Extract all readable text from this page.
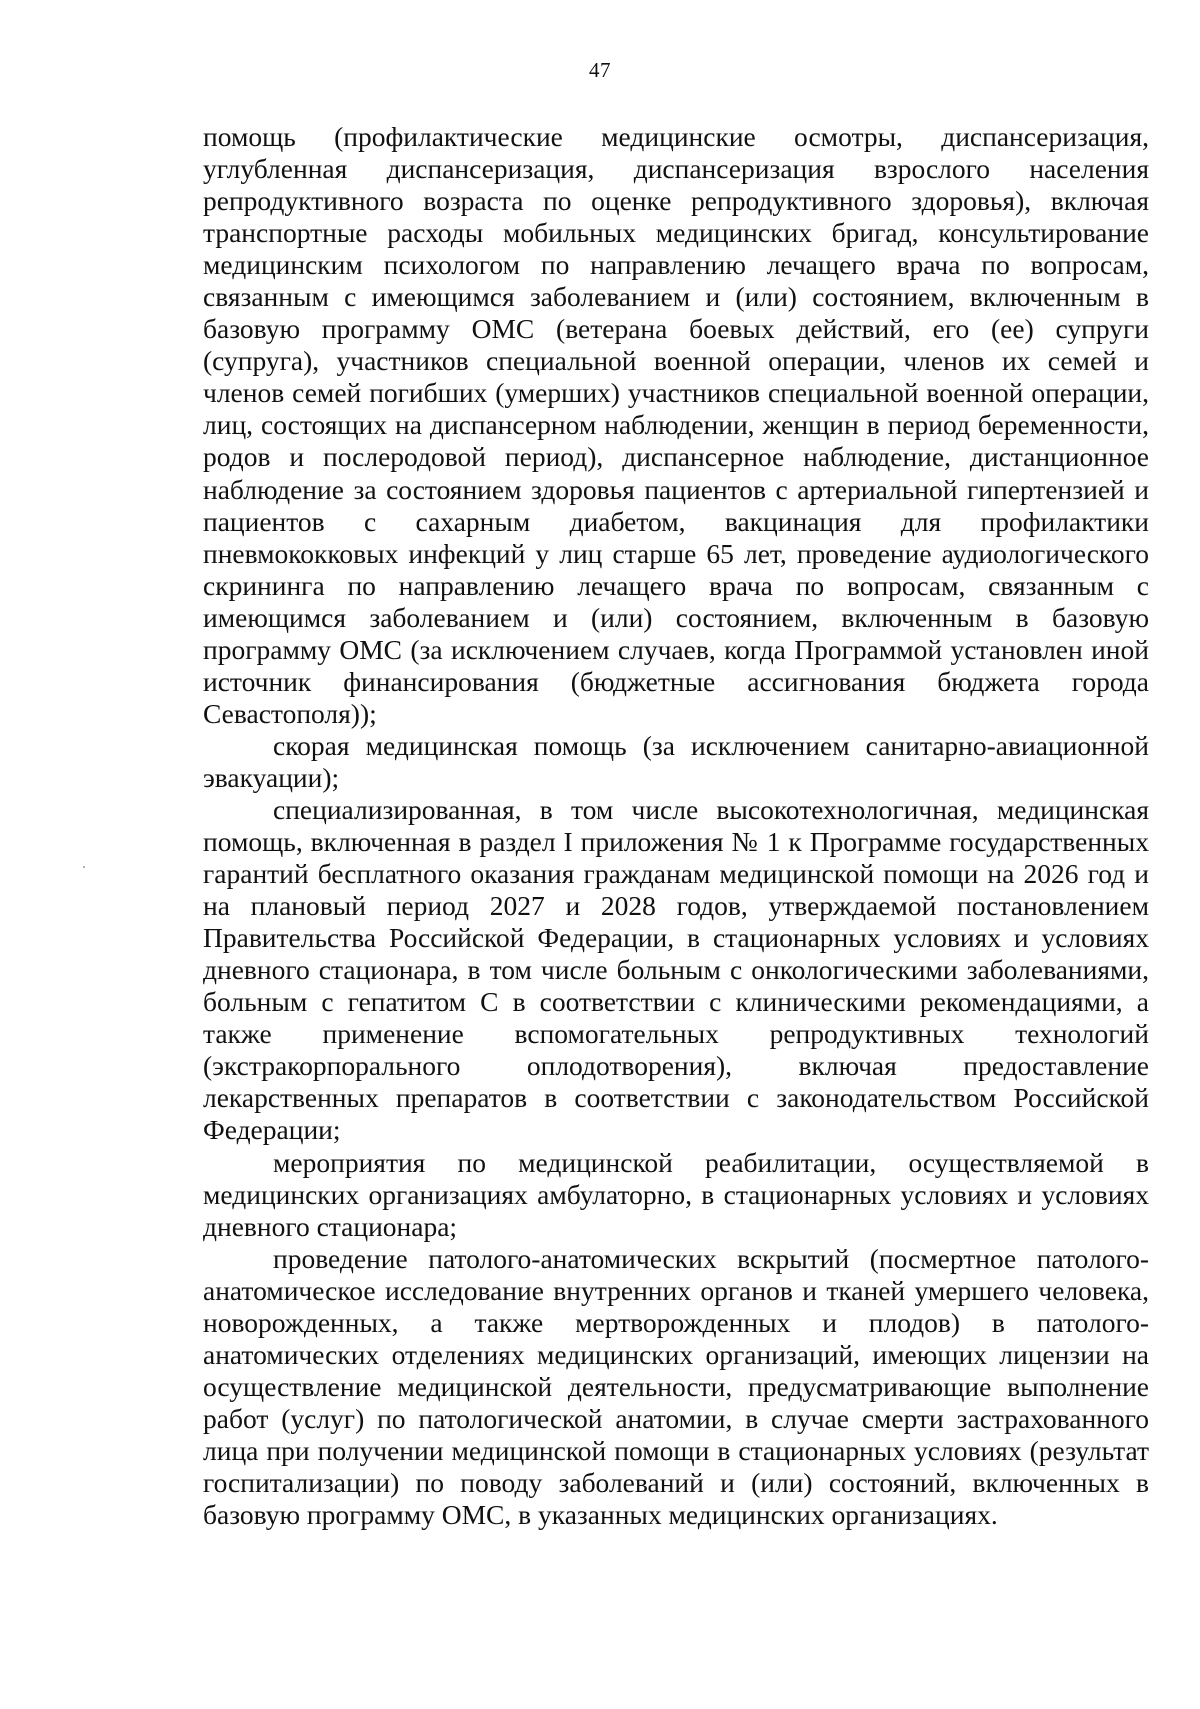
47

помощь (профилактические медицинские осмотры, диспансеризация, углубленная диспансеризация, диспансеризация взрослого населения репродуктивного возраста по оценке репродуктивного здоровья), включая транспортные расходы мобильных медицинских бригад, консультирование медицинским психологом по направлению лечащего врача по вопросам, связанным с имеющимся заболеванием и (или) состоянием, включенным в базовую программу ОМС (ветерана боевых действий, его (ее) супруги (супруга), участников специальной военной операции, членов их семей и членов семей погибших (умерших) участников специальной военной операции, лиц, состоящих на диспансерном наблюдении, женщин в период беременности, родов и послеродовой период), диспансерное наблюдение, дистанционное наблюдение за состоянием здоровья пациентов с артериальной гипертензией и пациентов с сахарным диабетом, вакцинация для профилактики пневмококковых инфекций у лиц старше 65 лет, проведение аудиологического скрининга по направлению лечащего врача по вопросам, связанным с имеющимся заболеванием и (или) состоянием, включенным в базовую программу ОМС (за исключением случаев, когда Программой установлен иной источник финансирования (бюджетные ассигнования бюджета города Севастополя));

скорая медицинская помощь (за исключением санитарно-авиационной эвакуации);

специализированная, в том числе высокотехнологичная, медицинская помощь, включенная в раздел I приложения № 1 к Программе государственных гарантий бесплатного оказания гражданам медицинской помощи на 2026 год и на плановый период 2027 и 2028 годов, утверждаемой постановлением Правительства Российской Федерации, в стационарных условиях и условиях дневного стационара, в том числе больным с онкологическими заболеваниями, больным с гепатитом С в соответствии с клиническими рекомендациями, а также применение вспомогательных репродуктивных технологий (экстракорпорального оплодотворения), включая предоставление лекарственных препаратов в соответствии с законодательством Российской Федерации;

мероприятия по медицинской реабилитации, осуществляемой в медицинских организациях амбулаторно, в стационарных условиях и условиях дневного стационара;

проведение патолого-анатомических вскрытий (посмертное патолого-анатомическое исследование внутренних органов и тканей умершего человека, новорожденных, а также мертворожденных и плодов) в патолого-анатомических отделениях медицинских организаций, имеющих лицензии на осуществление медицинской деятельности, предусматривающие выполнение работ (услуг) по патологической анатомии, в случае смерти застрахованного лица при получении медицинской помощи в стационарных условиях (результат госпитализации) по поводу заболеваний и (или) состояний, включенных в базовую программу ОМС, в указанных медицинских организациях.
